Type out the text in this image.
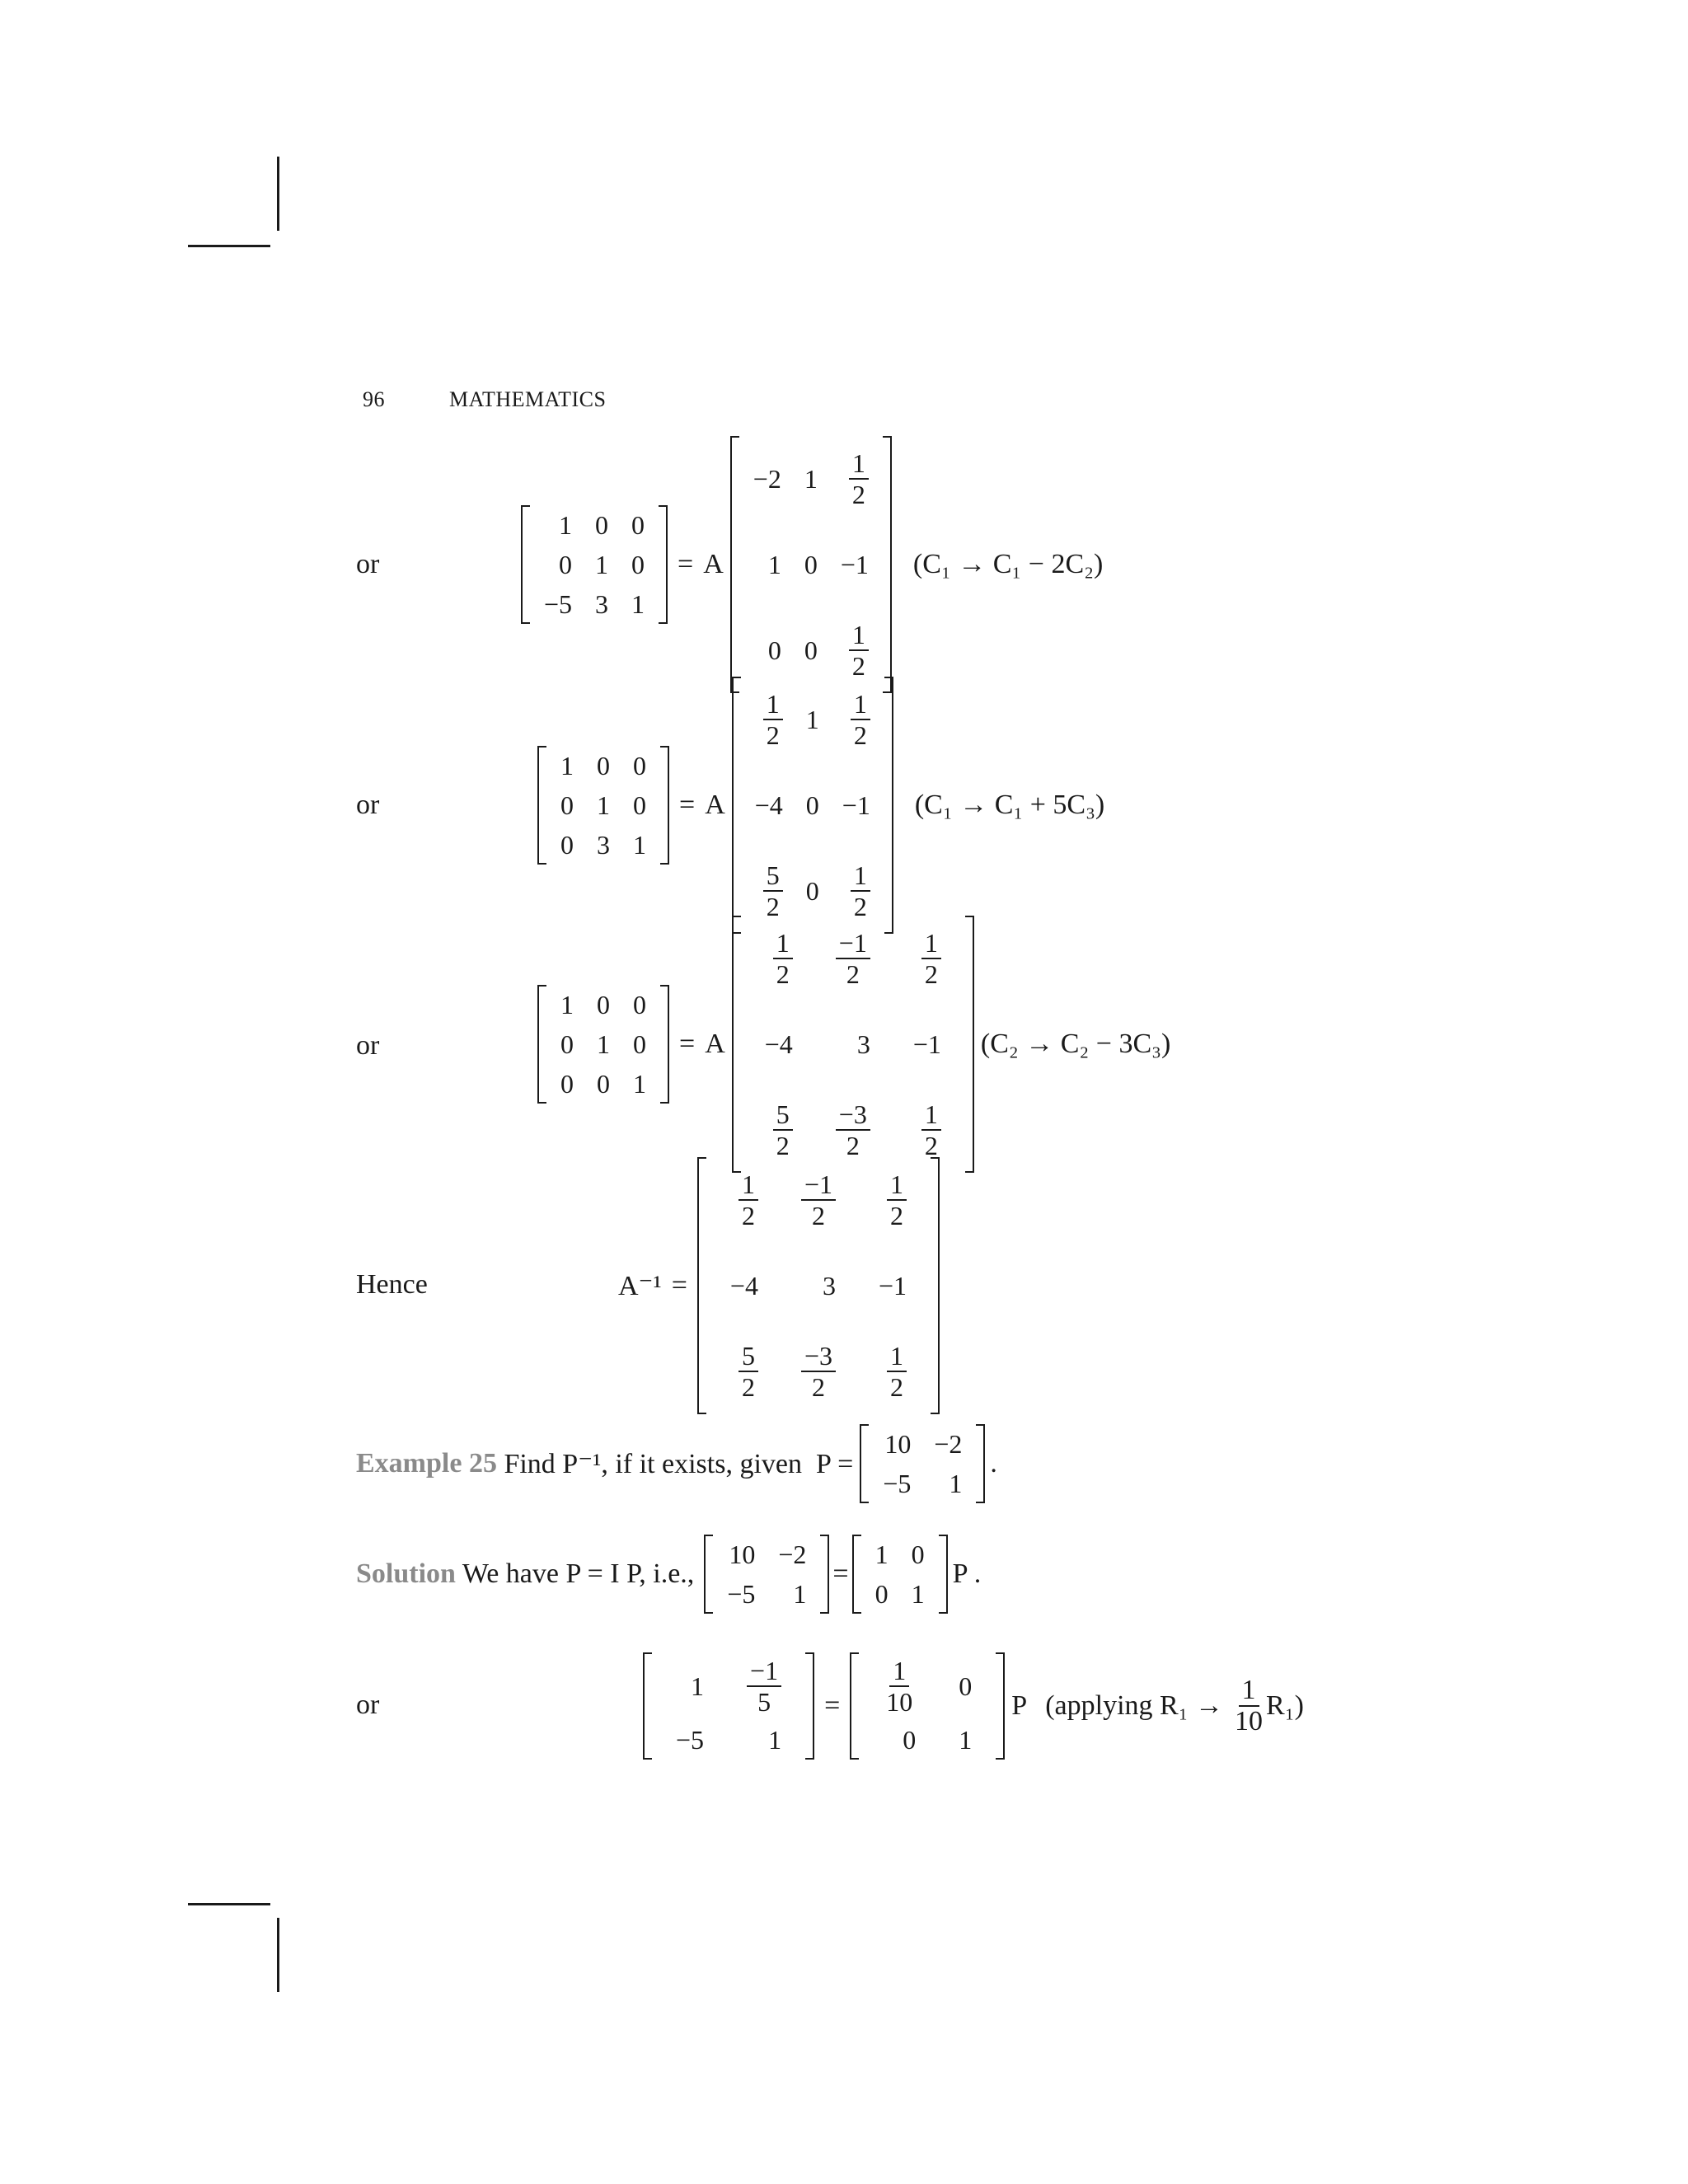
96	MATHEMATICS
or
1	0	0
0	1	0
−5	3	1
= A
−2	1	$\frac{1}{2}$

1	0	−1
0	0	$\frac{1}{2}$
(C₁ → C₁ − 2C₂)
or
1	0	0
0	1	0
0	3	1
= A
$\frac{1}{2}$	1	$\frac{1}{2}$

−4	0	−1

$\frac{5}{2}$	0	$\frac{1}{2}$
(C₁ → C₁ + 5C₃)
or
1	0	0
0	1	0
0	0	1
= A
$\frac{1}{2}$	$\frac{-1}{2}$	$\frac{1}{2}$

−4	3	−1

$\frac{5}{2}$	$\frac{-3}{2}$	$\frac{1}{2}$
(C₂ → C₂ − 3C₃)
Hence	A⁻¹ =
$\frac{1}{2}$	$\frac{-1}{2}$	$\frac{1}{2}$

−4	3	−1

$\frac{5}{2}$	$\frac{-3}{2}$	$\frac{1}{2}$
Example 25 Find P⁻¹, if it exists, given  P =
10	−2
−5	1
.
Solution We have P = I P, i.e.,
10	−2
−5	1
=
1	0
0	1
P .
or
1	$\frac{-1}{5}$

−5	1
= $\frac{1}{10}$	0
0	1
P (applying $R_1 \to \frac{1}{10} R_1$)
